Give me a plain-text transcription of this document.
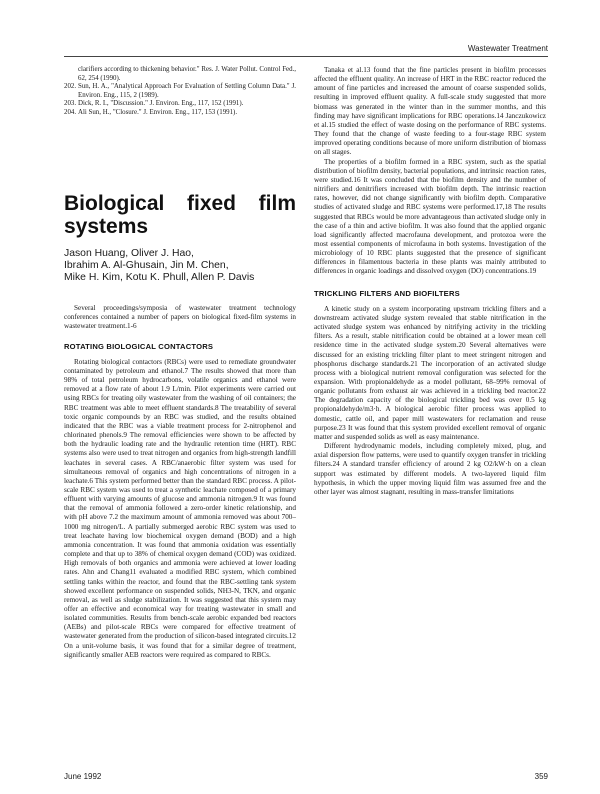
Wastewater Treatment
clarifiers according to thickening behavior." Res. J. Water Pollut. Control Fed., 62, 254 (1990).
202. Sun, H. A., "Analytical Approach For Evaluation of Settling Column Data." J. Environ. Eng., 115, 2 (1989).
203. Dick, R. I., "Discussion." J. Environ. Eng., 117, 152 (1991).
204. Ali Sun, H., "Closure." J. Environ. Eng., 117, 153 (1991).
Biological fixed film systems
Jason Huang, Oliver J. Hao,
Ibrahim A. Al-Ghusain, Jin M. Chen,
Mike H. Kim, Kotu K. Phull, Allen P. Davis

Several proceedings/symposia of wastewater treatment technology conferences contained a number of papers on biological fixed-film systems in wastewater treatment.1-6

ROTATING BIOLOGICAL CONTACTORS

Rotating biological contactors (RBCs) were used to remediate groundwater contaminated by petroleum and ethanol.7 The results showed that more than 98% of total petroleum hydrocarbons, volatile organics and ethanol were removed at a flow rate of about 1.9 L/min. Pilot experiments were carried out using RBCs for treating oily wastewater from the washing of oil containers; the RBC treatment was able to meet effluent standards.8 The treatability of several toxic organic compounds by an RBC was studied, and the results obtained indicated that the RBC was a viable treatment process for 2-nitrophenol and chlorinated phenols.9 The removal efficiencies were shown to be affected by both the hydraulic loading rate and the hydraulic retention time (HRT). RBC systems also were used to treat nitrogen and organics from high-strength landfill leachates in several cases. A RBC/anaerobic filter system was used for simultaneous removal of organics and high concentrations of nitrogen in a leachate.6 This system performed better than the standard RBC process. A pilot-scale RBC system was used to treat a synthetic leachate composed of a primary effluent with varying amounts of glucose and ammonia nitrogen.9 It was found that the removal of ammonia followed a zero-order kinetic relationship, and with pH above 7.2 the maximum amount of ammonia removed was about 700–1000 mg nitrogen/L. A partially submerged aerobic RBC system was used to treat leachate having low biochemical oxygen demand (BOD) and a high ammonia concentration. It was found that ammonia oxidation was essentially complete and that up to 38% of chemical oxygen demand (COD) was oxidized. High removals of both organics and ammonia were achieved at lower loading rates. Ahn and Chang11 evaluated a modified RBC system, which combined settling tanks within the reactor, and found that the RBC-settling tank system showed excellent performance on suspended solids, NH3-N, TKN, and organic removal, as well as sludge stabilization. It was suggested that this system may offer an effective and economical way for treating wastewater in small and isolated communities. Results from bench-scale aerobic expanded bed reactors (AEBs) and pilot-scale RBCs were compared for effective treatment of wastewater generated from the production of silicon-based integrated circuits.12 On a unit-volume basis, it was found that for a similar degree of treatment, significantly smaller AEB reactors were required as compared to RBCs.

Tanaka et al.13 found that the fine particles present in biofilm processes affected the effluent quality. An increase of HRT in the RBC reactor reduced the amount of fine particles and increased the amount of coarse suspended solids, resulting in improved effluent quality. A full-scale study suggested that more biomass was generated in the winter than in the summer months, and this finding may have significant implications for RBC operations.14 Janczukowicz et al.15 studied the effect of waste dosing on the performance of RBC systems. They found that the change of waste feeding to a four-stage RBC system improved operating conditions because of more uniform distribution of biomass on all stages.

The properties of a biofilm formed in a RBC system, such as the spatial distribution of biofilm density, bacterial populations, and intrinsic reaction rates, were studied.16 It was concluded that the biofilm density and the number of nitrifiers and denitrifiers increased with biofilm depth. The intrinsic reaction rates, however, did not change significantly with biofilm depth. Comparative studies of activated sludge and RBC systems were performed.17,18 The results suggested that RBCs would be more advantageous than activated sludge only in the case of a thin and active biofilm. It was also found that the applied organic load significantly affected macrofauna development, and protozoa were the most essential components of microfauna in both systems. Investigation of the microbiology of 10 RBC plants suggested that the presence of significant differences in filamentous bacteria in these plants was mainly attributed to differences in organic loadings and dissolved oxygen (DO) concentrations.19

TRICKLING FILTERS AND BIOFILTERS

A kinetic study on a system incorporating upstream trickling filters and a downstream activated sludge system revealed that stable nitrification in the activated sludge system was enhanced by nitrifying activity in the trickling filters. As a result, stable nitrification could be obtained at a lower mean cell residence time in the activated sludge system.20 Several alternatives were discussed for an existing trickling filter plant to meet stringent nitrogen and phosphorus discharge standards.21 The incorporation of an activated sludge process with a biological nutrient removal configuration was selected for the expansion. With propionaldehyde as a model pollutant, 68–99% removal of organic pollutants from exhaust air was achieved in a trickling bed reactor.22 The degradation capacity of the biological trickling bed was over 0.5 kg propionaldehyde/m3·h. A biological aerobic filter process was applied to domestic, cattle oil, and paper mill wastewaters for reclamation and reuse purpose.23 It was found that this system provided excellent removal of organic matter and suspended solids as well as easy maintenance.

Different hydrodynamic models, including completely mixed, plug, and axial dispersion flow patterns, were used to quantify oxygen transfer in trickling filters.24 A standard transfer efficiency of around 2 kg O2/kW·h on a clean support was estimated by different models. A two-layered liquid film hypothesis, in which the upper moving liquid film was assumed free and the other layer was almost stagnant, resulting in mass-transfer limitations

June 1992	359
